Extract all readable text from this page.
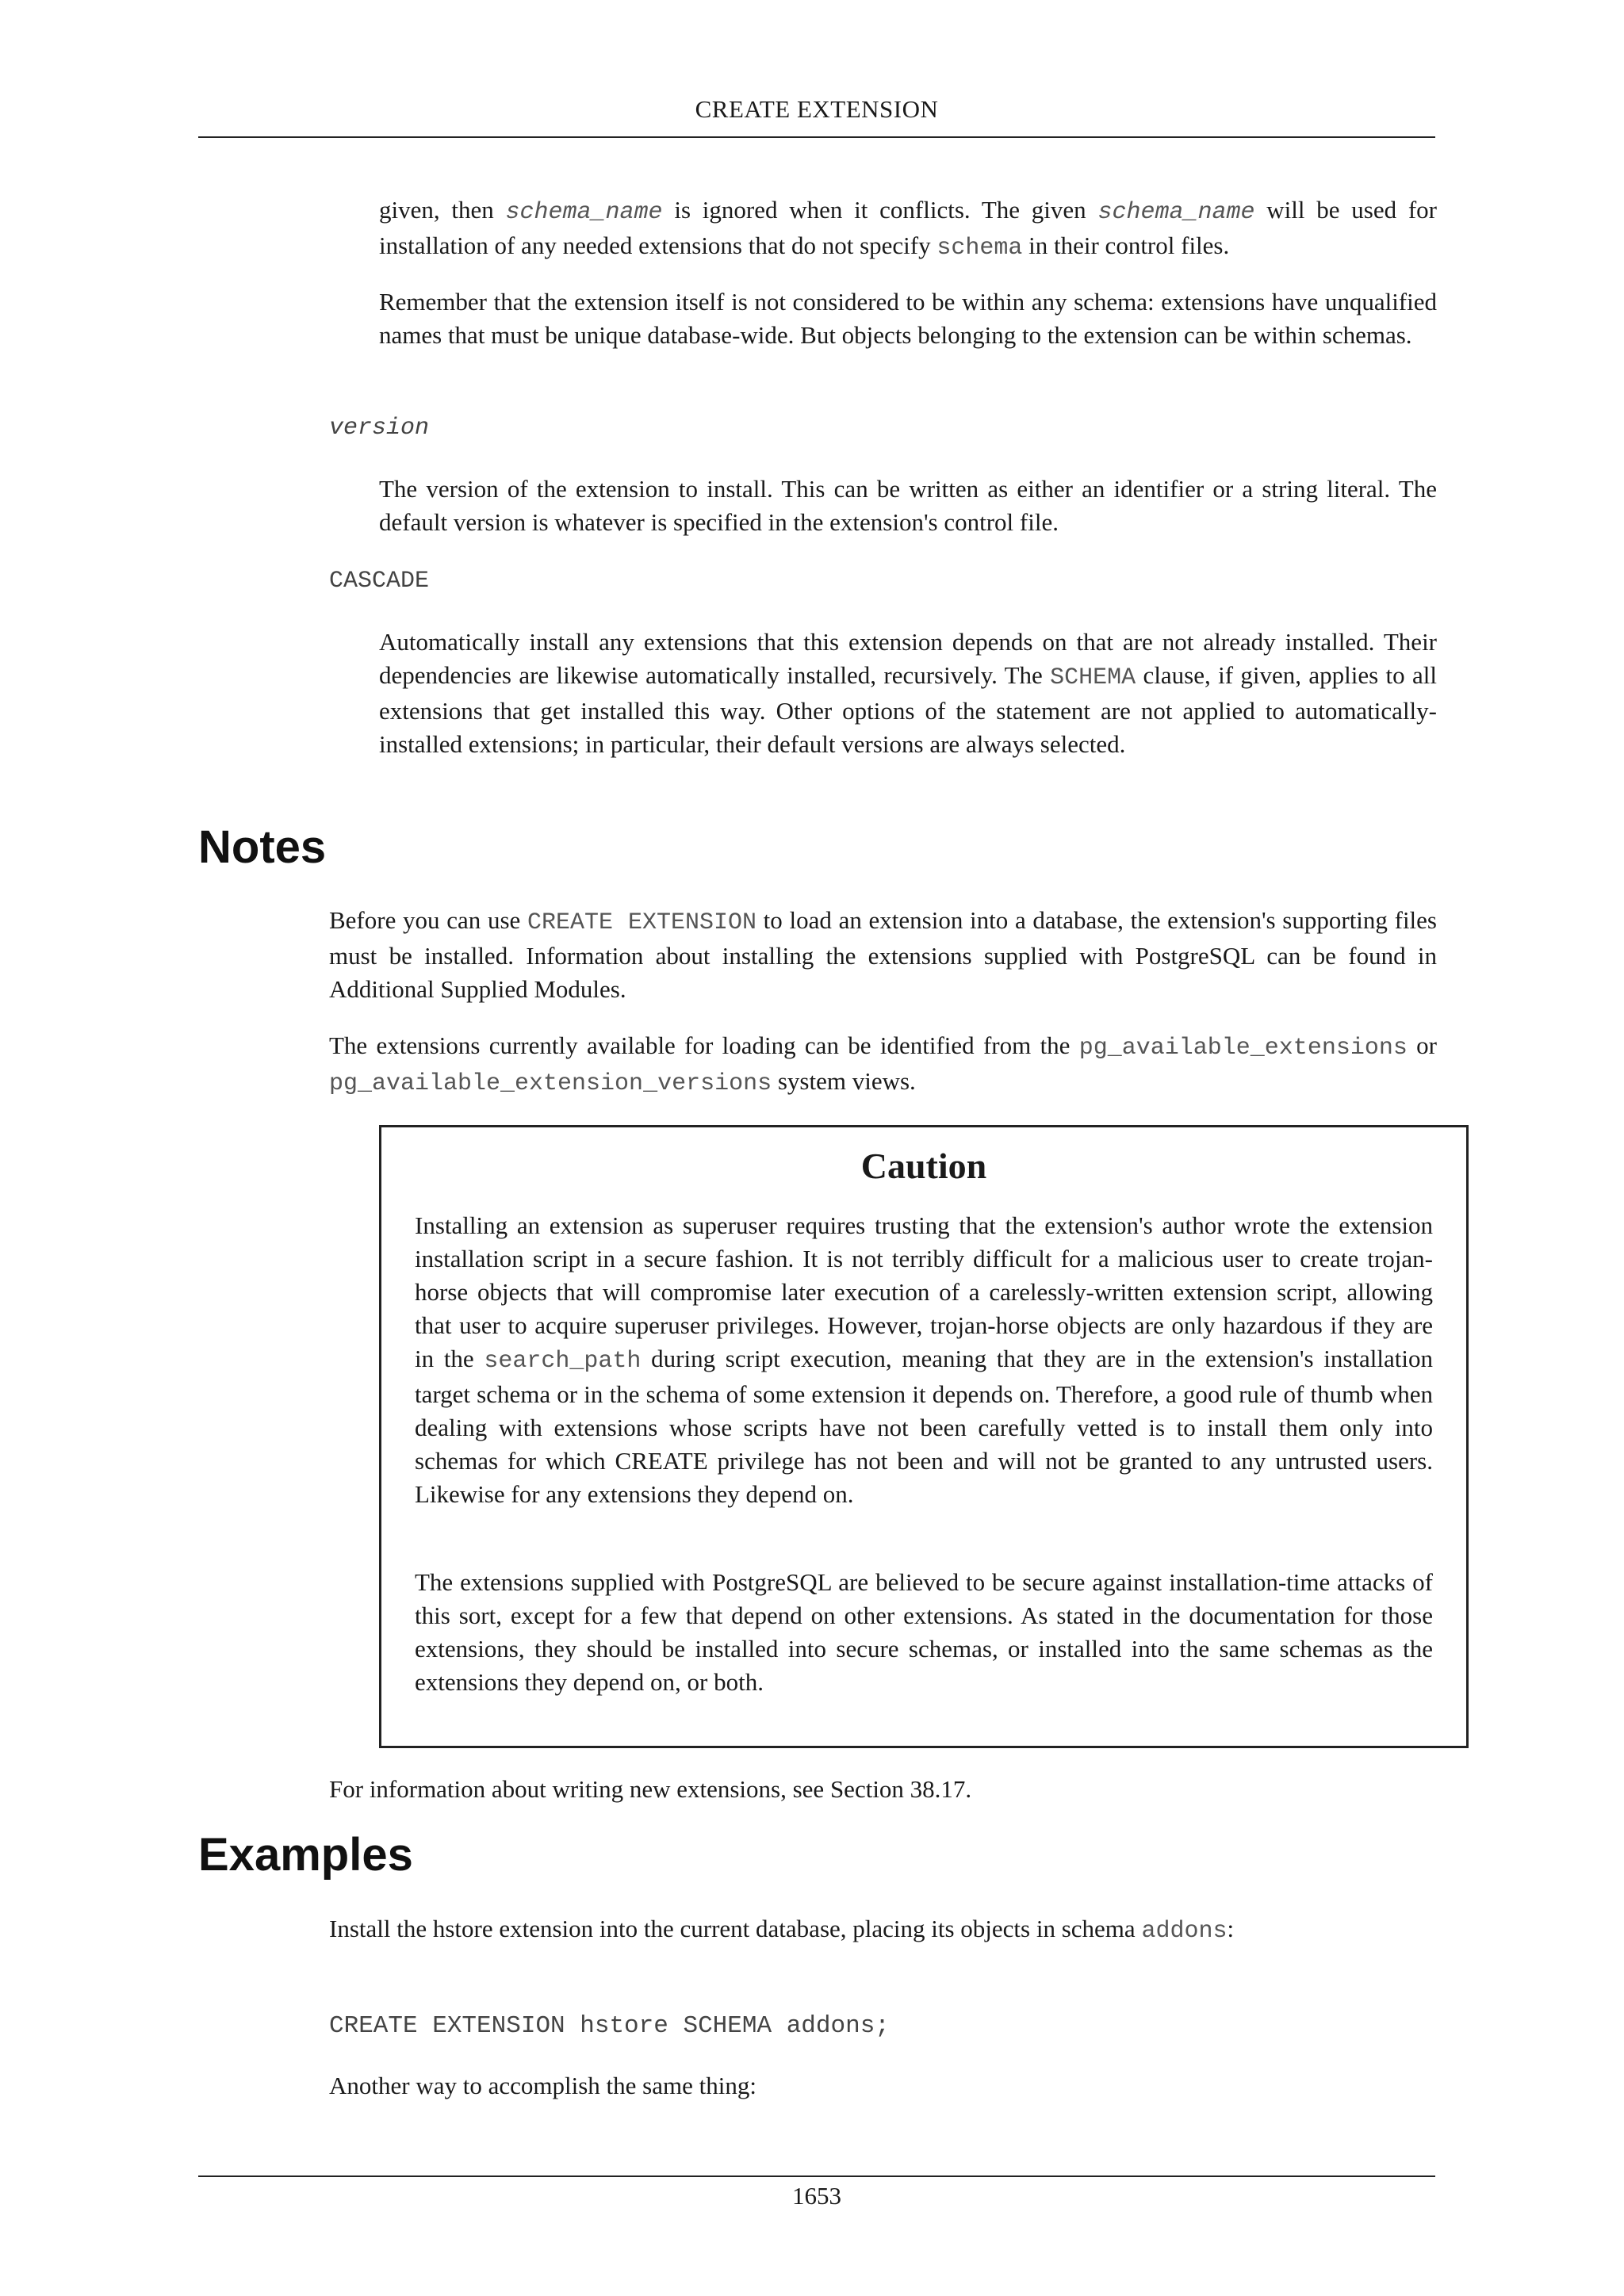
CREATE EXTENSION

given, then schema_name is ignored when it conflicts. The given schema_name will be used for installation of any needed extensions that do not specify schema in their control files.

Remember that the extension itself is not considered to be within any schema: extensions have unqualified names that must be unique database-wide. But objects belonging to the extension can be within schemas.
version
The version of the extension to install. This can be written as either an identifier or a string literal. The default version is whatever is specified in the extension's control file.
CASCADE

Automatically install any extensions that this extension depends on that are not already installed. Their dependencies are likewise automatically installed, recursively. The SCHEMA clause, if given, applies to all extensions that get installed this way. Other options of the statement are not applied to automatically-installed extensions; in particular, their default versions are always selected.

Notes

Before you can use CREATE EXTENSION to load an extension into a database, the extension's supporting files must be installed. Information about installing the extensions supplied with PostgreSQL can be found in Additional Supplied Modules.

The extensions currently available for loading can be identified from the pg_available_extensions or pg_available_extension_versions system views.

Caution

Installing an extension as superuser requires trusting that the extension's author wrote the extension installation script in a secure fashion. It is not terribly difficult for a malicious user to create trojan-horse objects that will compromise later execution of a carelessly-written extension script, allowing that user to acquire superuser privileges. However, trojan-horse objects are only hazardous if they are in the search_path during script execution, meaning that they are in the extension's installation target schema or in the schema of some extension it depends on. Therefore, a good rule of thumb when dealing with extensions whose scripts have not been carefully vetted is to install them only into schemas for which CREATE privilege has not been and will not be granted to any untrusted users. Likewise for any extensions they depend on.

The extensions supplied with PostgreSQL are believed to be secure against installation-time attacks of this sort, except for a few that depend on other extensions. As stated in the documentation for those extensions, they should be installed into secure schemas, or installed into the same schemas as the extensions they depend on, or both.
For information about writing new extensions, see Section 38.17.
Examples

Install the hstore extension into the current database, placing its objects in schema addons:

CREATE EXTENSION hstore SCHEMA addons;
Another way to accomplish the same thing:
1653
